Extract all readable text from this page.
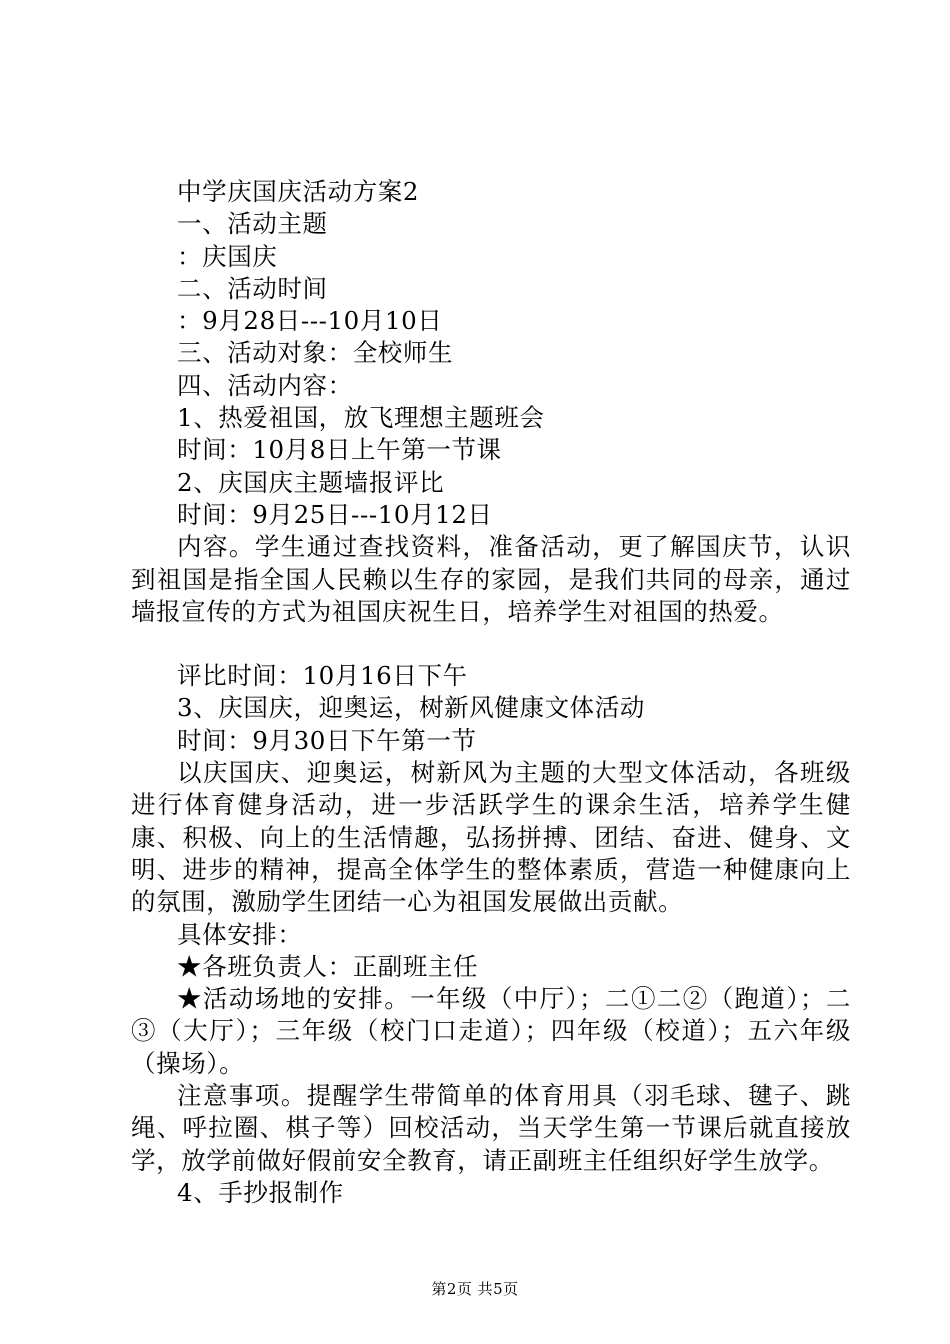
中学庆国庆活动方案2
一、活动主题
：庆国庆
二、活动时间
：9月28日---10月10日
三、活动对象：全校师生
四、活动内容：
1、热爱祖国，放飞理想主题班会
时间：10月8日上午第一节课
2、庆国庆主题墙报评比
时间：9月25日---10月12日
内容。学生通过查找资料，准备活动，更了解国庆节，认识到祖国是指全国人民赖以生存的家园，是我们共同的母亲，通过墙报宣传的方式为祖国庆祝生日，培养学生对祖国的热爱。
评比时间：10月16日下午
3、庆国庆，迎奥运，树新风健康文体活动
时间：9月30日下午第一节
以庆国庆、迎奥运，树新风为主题的大型文体活动，各班级进行体育健身活动，进一步活跃学生的课余生活，培养学生健康、积极、向上的生活情趣，弘扬拼搏、团结、奋进、健身、文明、进步的精神，提高全体学生的整体素质，营造一种健康向上的氛围，激励学生团结一心为祖国发展做出贡献。
具体安排：
★各班负责人：正副班主任
★活动场地的安排。一年级（中厅）；二①二②（跑道）；二③（大厅）；三年级（校门口走道）；四年级（校道）；五六年级（操场）。
注意事项。提醒学生带简单的体育用具（羽毛球、毽子、跳绳、呼拉圈、棋子等）回校活动，当天学生第一节课后就直接放学，放学前做好假前安全教育，请正副班主任组织好学生放学。
4、手抄报制作
第2页 共5页
